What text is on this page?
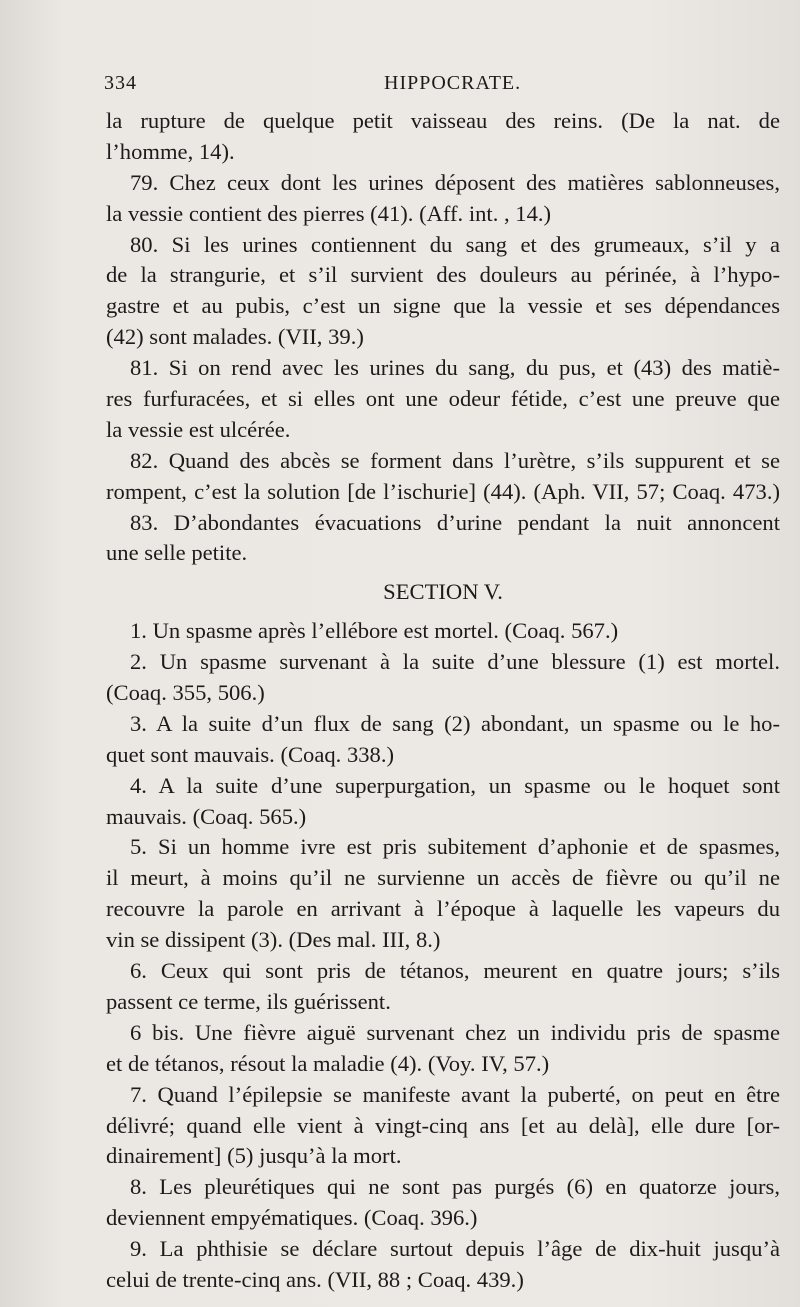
334	HIPPOCRATE.
la rupture de quelque petit vaisseau des reins. (De la nat. de
l’homme, 14).
79. Chez ceux dont les urines déposent des matières sablonneuses,
la vessie contient des pierres (41). (Aff. int. , 14.)
80. Si les urines contiennent du sang et des grumeaux, s’il y a
de la strangurie, et s’il survient des douleurs au périnée, à l’hypo-
gastre et au pubis, c’est un signe que la vessie et ses dépendances
(42) sont malades. (VII, 39.)
81. Si on rend avec les urines du sang, du pus, et (43) des matiè-
res furfuracées, et si elles ont une odeur fétide, c’est une preuve que
la vessie est ulcérée.
82. Quand des abcès se forment dans l’urètre, s’ils suppurent et se
rompent, c’est la solution [de l’ischurie] (44). (Aph. VII, 57; Coaq. 473.)
83. D’abondantes évacuations d’urine pendant la nuit annoncent
une selle petite.
SECTION V.
1. Un spasme après l’ellébore est mortel. (Coaq. 567.)
2. Un spasme survenant à la suite d’une blessure (1) est mortel.
(Coaq. 355, 506.)
3. A la suite d’un flux de sang (2) abondant, un spasme ou le ho-
quet sont mauvais. (Coaq. 338.)
4. A la suite d’une superpurgation, un spasme ou le hoquet sont
mauvais. (Coaq. 565.)
5. Si un homme ivre est pris subitement d’aphonie et de spasmes,
il meurt, à moins qu’il ne survienne un accès de fièvre ou qu’il ne
recouvre la parole en arrivant à l’époque à laquelle les vapeurs du
vin se dissipent (3). (Des mal. III, 8.)
6. Ceux qui sont pris de tétanos, meurent en quatre jours; s’ils
passent ce terme, ils guérissent.
6 bis. Une fièvre aiguë survenant chez un individu pris de spasme
et de tétanos, résout la maladie (4). (Voy. IV, 57.)
7. Quand l’épilepsie se manifeste avant la puberté, on peut en être
délivré; quand elle vient à vingt-cinq ans [et au delà], elle dure [or-
dinairement] (5) jusqu’à la mort.
8. Les pleurétiques qui ne sont pas purgés (6) en quatorze jours,
deviennent empyématiques. (Coaq. 396.)
9. La phthisie se déclare surtout depuis l’âge de dix-huit jusqu’à
celui de trente-cinq ans. (VII, 88 ; Coaq. 439.)
